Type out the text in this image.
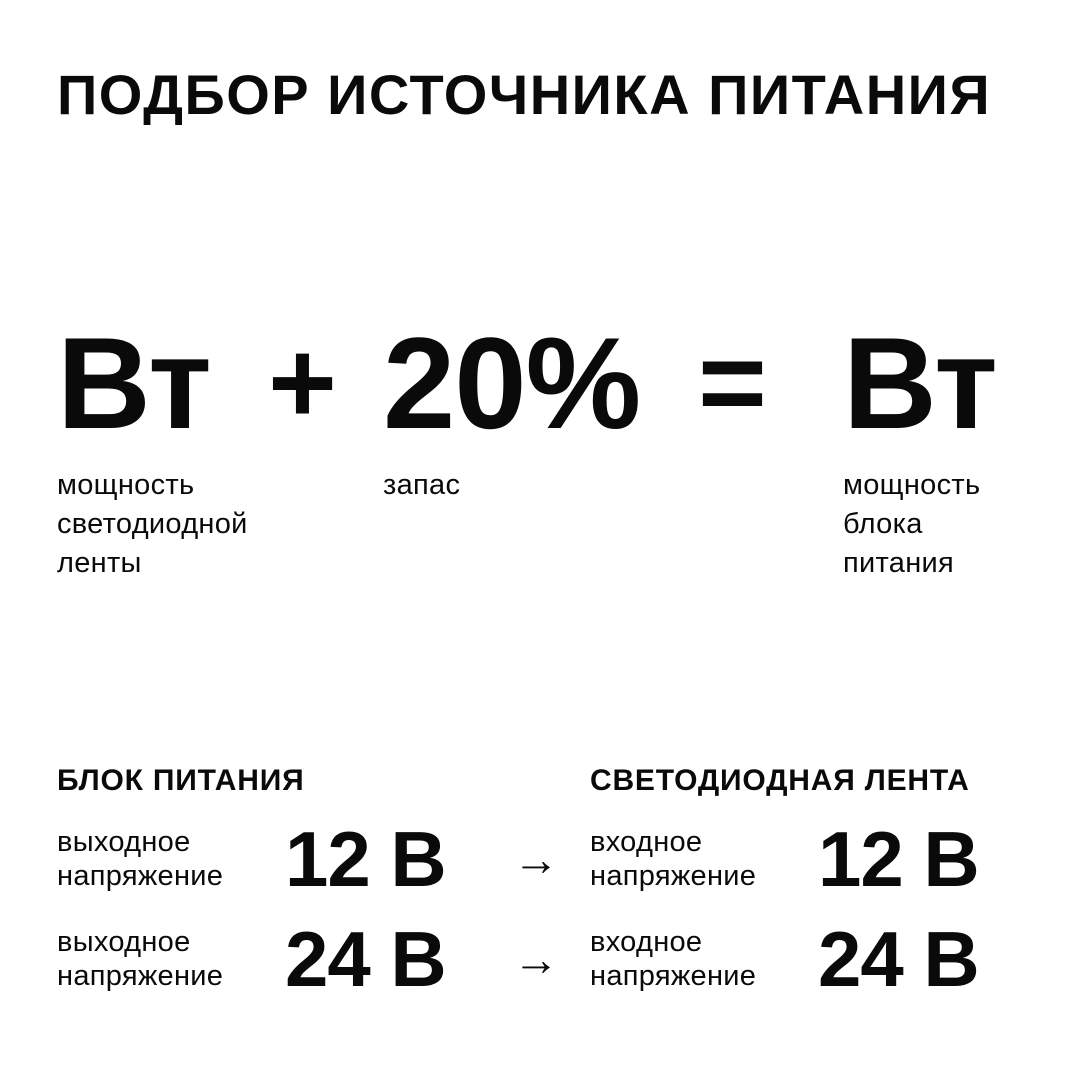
ПОДБОР ИСТОЧНИКА ПИТАНИЯ
Вт
мощность светодиодной ленты
+ 20%
запас
= Вт
мощность блока питания
БЛОК ПИТАНИЯ	СВЕТОДИОДНАЯ ЛЕНТА
выходное напряжение 12 В → входное напряжение 12 В
выходное напряжение 24 В → входное напряжение 24 В
